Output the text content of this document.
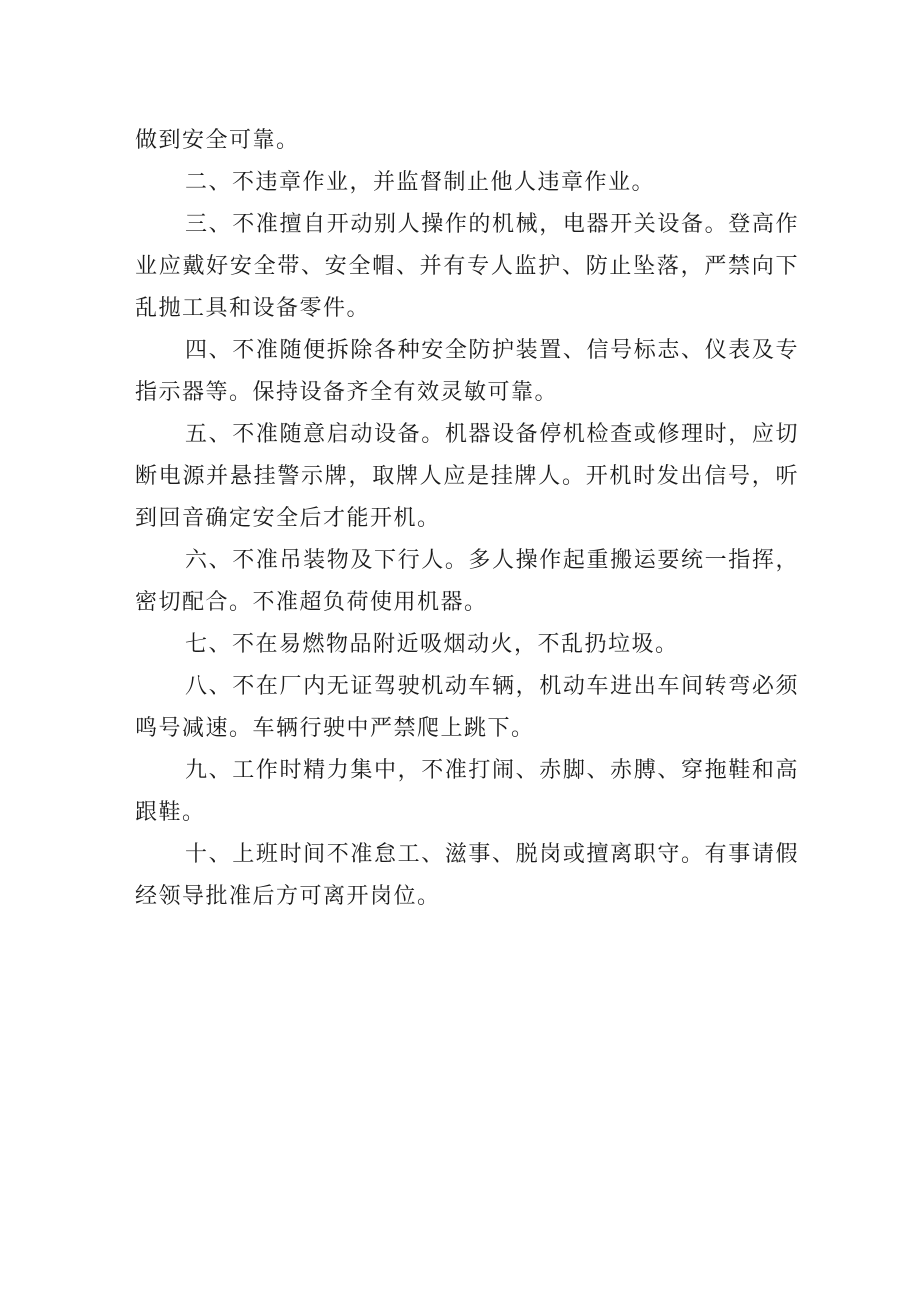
做到安全可靠。

二、不违章作业，并监督制止他人违章作业。

三、不准擅自开动别人操作的机械，电器开关设备。登高作业应戴好安全带、安全帽、并有专人监护、防止坠落，严禁向下乱抛工具和设备零件。

四、不准随便拆除各种安全防护装置、信号标志、仪表及专指示器等。保持设备齐全有效灵敏可靠。

五、不准随意启动设备。机器设备停机检查或修理时，应切断电源并悬挂警示牌，取牌人应是挂牌人。开机时发出信号，听到回音确定安全后才能开机。

六、不准吊装物及下行人。多人操作起重搬运要统一指挥，密切配合。不准超负荷使用机器。

七、不在易燃物品附近吸烟动火，不乱扔垃圾。

八、不在厂内无证驾驶机动车辆，机动车进出车间转弯必须鸣号减速。车辆行驶中严禁爬上跳下。

九、工作时精力集中，不准打闹、赤脚、赤膊、穿拖鞋和高跟鞋。

十、上班时间不准怠工、滋事、脱岗或擅离职守。有事请假经领导批准后方可离开岗位。
